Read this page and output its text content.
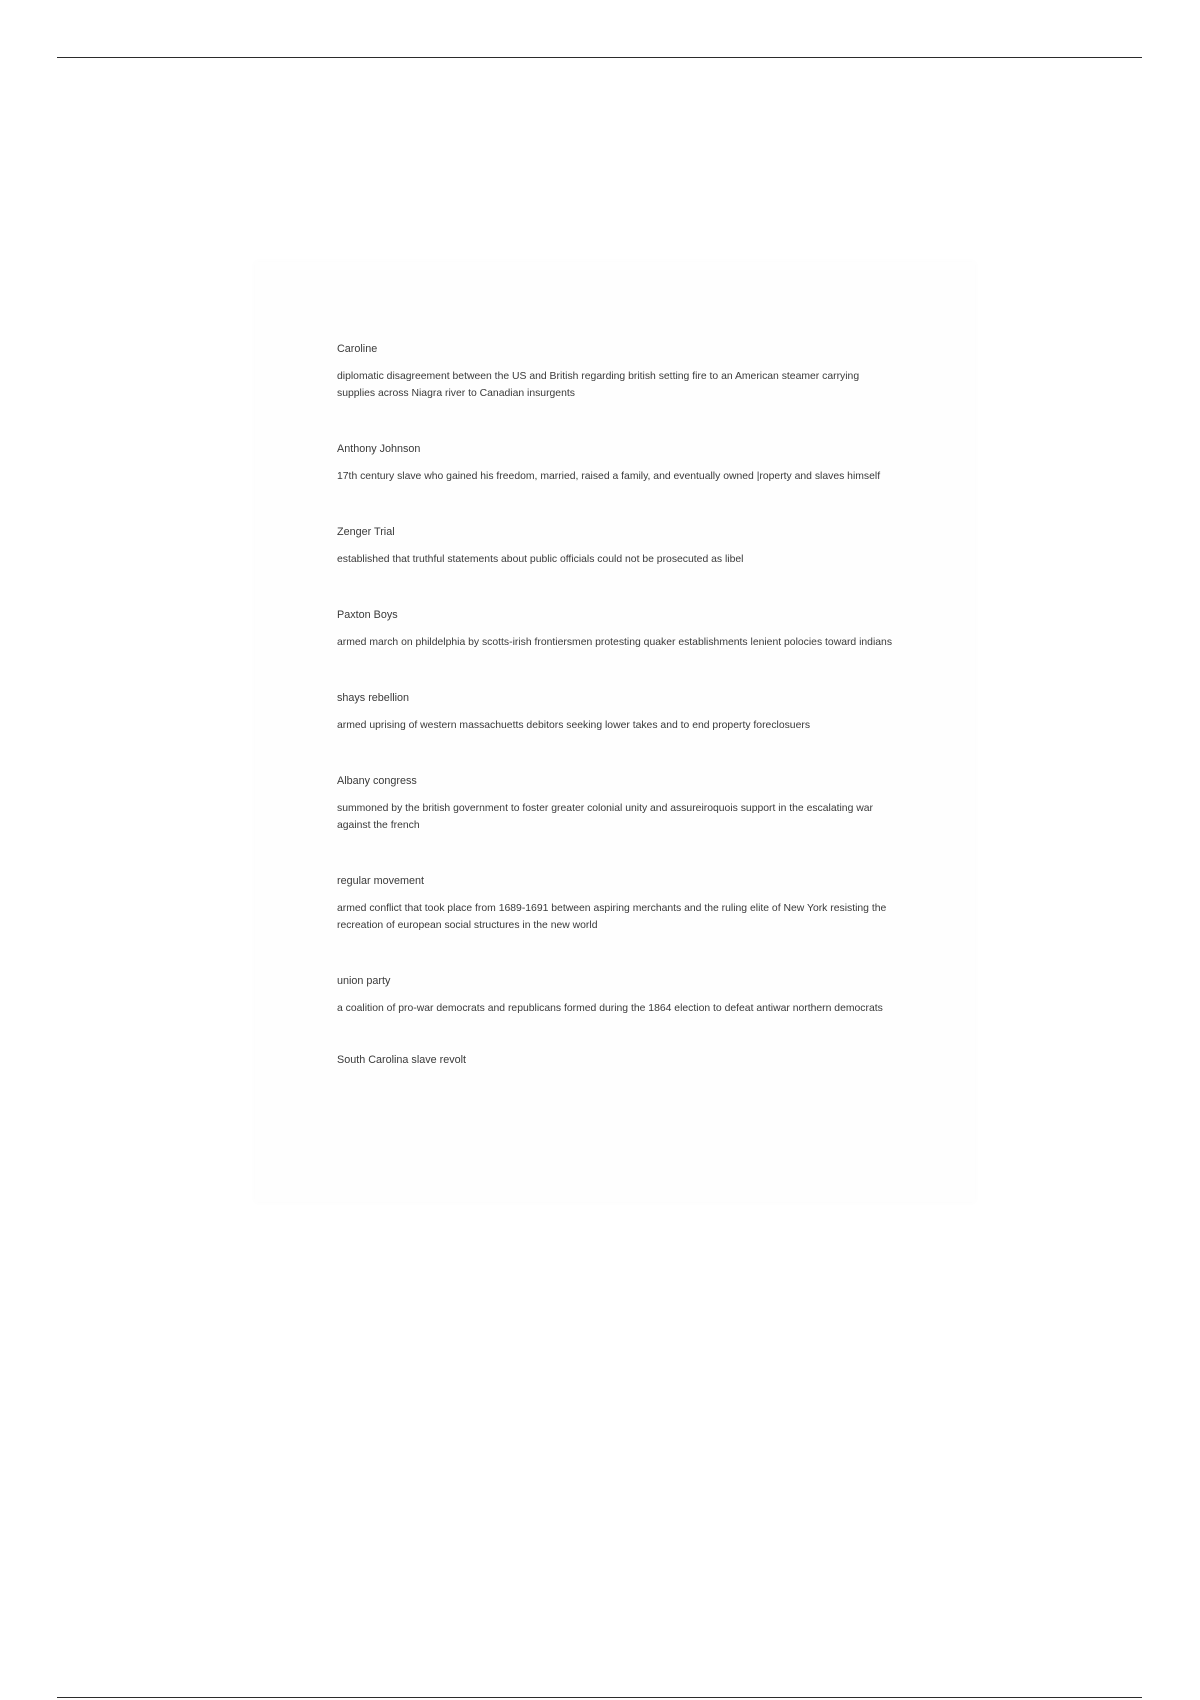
Caroline

diplomatic disagreement between the US and British regarding british setting fire to an American steamer carrying supplies across Niagra river to Canadian insurgents

Anthony Johnson

17th century slave who gained his freedom, married, raised a family, and eventually owned |roperty and slaves himself

Zenger Trial

established that truthful statements about public officials could not be prosecuted as libel

Paxton Boys

armed march on phildelphia by scotts-irish frontiersmen protesting quaker establishments lenient polocies toward indians

shays rebellion

armed uprising of western massachuetts debitors seeking lower takes and to end property foreclosuers

Albany congress

summoned by the british government to foster greater colonial unity and assureiroquois support in the escalating war against the french

regular movement

armed conflict that took place from 1689-1691 between aspiring merchants and the ruling elite of New York resisting the recreation of european social structures in the new world

union party

a coalition of pro-war democrats and republicans formed during the 1864 election to defeat antiwar northern democrats

South Carolina slave revolt
